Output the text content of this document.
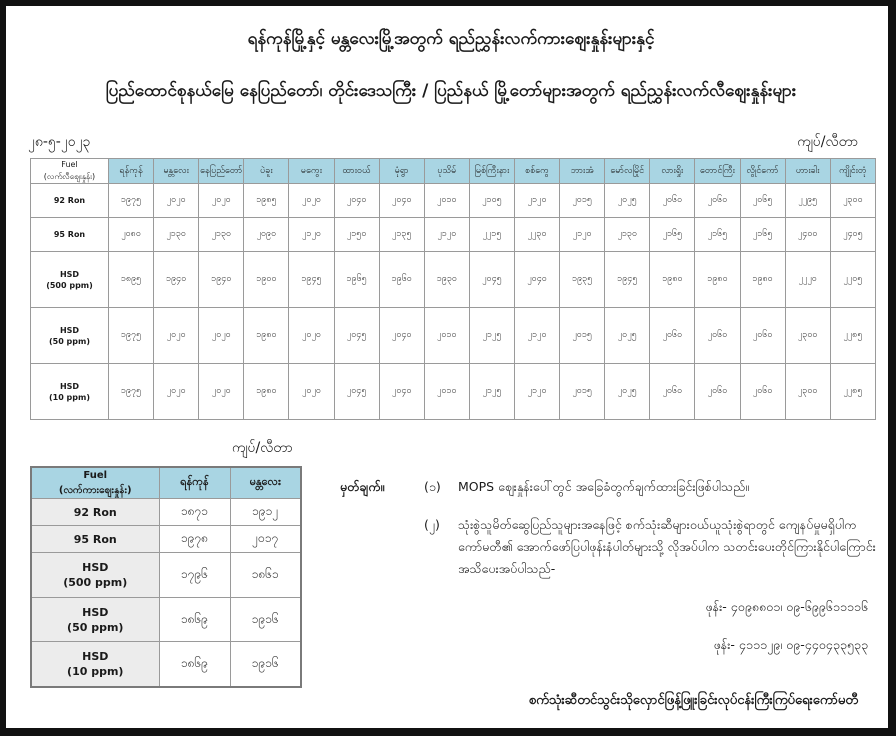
ရန်ကုန်မြို့နှင့် မန္တလေးမြို့အတွက် ရည်ညွှန်းလက်ကားဈေးနှုန်းများနှင့်
ပြည်ထောင်စုနယ်မြေ နေပြည်တော်၊ တိုင်းဒေသကြီး / ပြည်နယ် မြို့တော်များအတွက် ရည်ညွှန်းလက်လီဈေးနှုန်းများ
၂၈-၅-၂၀၂၃	ကျပ်/လီတာ
Fuel
(လက်လီဈေးနှုန်း)	ရန်ကုန်	မန္တလေး	နေပြည်တော်	ပဲခူး	မကွေး	ထားဝယ်	မုံရွာ	ပုသိမ်	မြစ်ကြီးနား	စစ်ကွေ	ဘားအံ	မော်လမြိုင်	လားရှိုး	တောင်ကြီး	လွိုင်ကော်	ဟားခါး	ကျိုင်းတုံ

92 Ron	၁၉၇၅	၂၀၂၀	၂၀၂၀	၁၉၈၅	၂၀၂၀	၂၀၄၀	၂၀၄၀	၂၀၁၀	၂၁၀၅	၂၁၂၀	၂၀၁၅	၂၀၂၅	၂၀၆၀	၂၀၆၀	၂၀၆၅	၂၂၉၅	၂၃၀၀

95 Ron	၂၀၈၀	၂၁၃၀	၂၁၃၀	၂၀၉၀	၂၁၂၀	၂၁၅၀	၂၁၃၅	၂၁၂၀	၂၂၁၅	၂၂၃၀	၂၁၂၀	၂၁၃၀	၂၁၆၅	၂၁၆၅	၂၁၆၅	၂၄၀၀	၂၄၀၅

HSD
(500 ppm)	၁၈၉၅	၁၉၄၀	၁၉၄၀	၁၉၀၀	၁၉၄၅	၁၉၆၅	၁၉၆၀	၁၉၃၀	၂၀၄၅	၂၀၄၀	၁၉၃၅	၁၉၄၅	၁၉၈၀	၁၉၈၀	၁၉၈၀	၂၂၂၀	၂၂၀၅

HSD
(50 ppm)	၁၉၇၅	၂၀၂၀	၂၀၂၀	၁၉၈၀	၂၀၂၀	၂၀၄၅	၂၀၄၀	၂၀၁၀	၂၁၂၅	၂၁၂၀	၂၀၁၅	၂၀၂၅	၂၀၆၀	၂၀၆၀	၂၀၆၀	၂၃၀၀	၂၂၈၅

HSD
(10 ppm)	၁၉၇၅	၂၀၂၀	၂၀၂၀	၁၉၈၀	၂၀၂၀	၂၀၄၅	၂၀၄၀	၂၀၁၀	၂၁၂၅	၂၁၂၀	၂၀၁၅	၂၀၂၅	၂၀၆၀	၂၀၆၀	၂၀၆၀	၂၃၀၀	၂၂၈၅
ကျပ်/လီတာ
Fuel
(လက်ကားဈေးနှုန်း)	ရန်ကုန်	မန္တလေး

92 Ron	၁၈၇၁	၁၉၁၂

95 Ron	၁၉၇၈	၂၀၁၇

HSD
(500 ppm)	၁၇၉၆	၁၈၆၁

HSD
(50 ppm)	၁၈၆၉	၁၉၁၆

HSD
(10 ppm)	၁၈၆၉	၁၉၁၆
မှတ်ချက်။	(၁) MOPS ဈေးနှုန်းပေါ်တွင် အခြေခံတွက်ချက်ထားခြင်းဖြစ်ပါသည်။
(၂) သုံးစွဲသူမိတ်ဆွေပြည်သူများအနေဖြင့် စက်သုံးဆီများဝယ်ယူသုံးစွဲရာတွင် ကျေနပ်မှုမရှိပါက ကော်မတီ၏ အောက်ဖော်ပြပါဖုန်းနံပါတ်များသို့ လိုအပ်ပါက သတင်းပေးတိုင်ကြားနိုင်ပါကြောင်း အသိပေးအပ်ပါသည်-
ဖုန်း- ၄၀၉၈၈၀၁၊ ၀၉-၆၉၉၆၁၁၁၁၆
ဖုန်း- ၄၁၁၁၂၉၊ ၀၉-၄၄၀၄၃၃၅၃၃
စက်သုံးဆီတင်သွင်းသိုလှောင်ဖြန့်ဖြူးခြင်းလုပ်ငန်းကြီးကြပ်ရေးကော်မတီ
